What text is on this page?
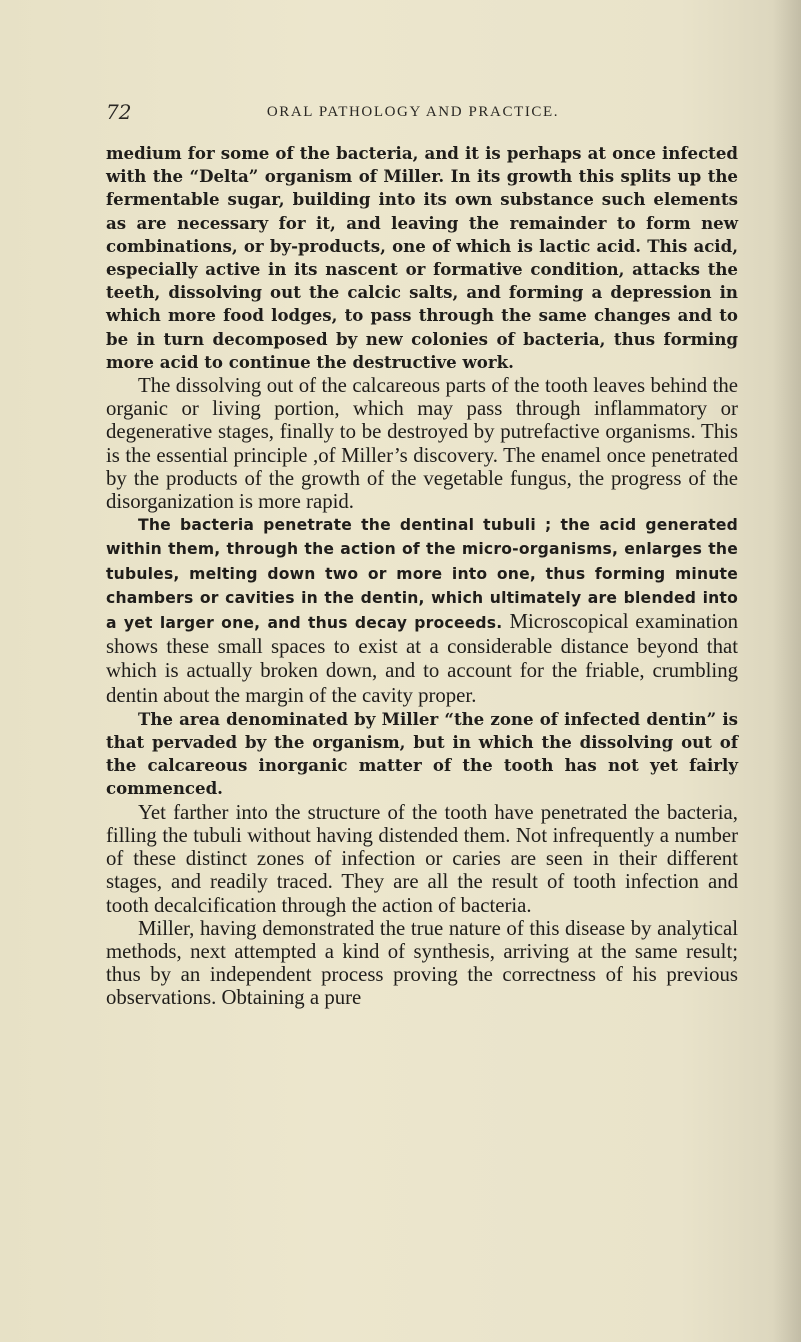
72	ORAL PATHOLOGY AND PRACTICE.

medium for some of the bacteria, and it is perhaps at once infected with the “Delta” organism of Miller. In its growth this splits up the fermentable sugar, building into its own substance such elements as are necessary for it, and leaving the remainder to form new combinations, or by-products, one of which is lactic acid. This acid, especially active in its nascent or formative condition, attacks the teeth, dissolving out the calcic salts, and forming a depression in which more food lodges, to pass through the same changes and to be in turn decomposed by new colonies of bacteria, thus forming more acid to continue the destructive work.

The dissolving out of the calcareous parts of the tooth leaves behind the organic or living portion, which may pass through inflammatory or degenerative stages, finally to be destroyed by putrefactive organisms. This is the essential principle ,of Miller’s discovery. The enamel once penetrated by the products of the growth of the vegetable fungus, the progress of the disorganization is more rapid.

The bacteria penetrate the dentinal tubuli ; the acid generated within them, through the action of the micro-organisms, enlarges the tubules, melting down two or more into one, thus forming minute chambers or cavities in the dentin, which ultimately are blended into a yet larger one, and thus decay proceeds. Microscopical examination shows these small spaces to exist at a considerable distance beyond that which is actually broken down, and to account for the friable, crumbling dentin about the margin of the cavity proper.

The area denominated by Miller “the zone of infected dentin” is that pervaded by the organism, but in which the dissolving out of the calcareous inorganic matter of the tooth has not yet fairly commenced.

Yet farther into the structure of the tooth have penetrated the bacteria, filling the tubuli without having distended them. Not infrequently a number of these distinct zones of infection or caries are seen in their different stages, and readily traced. They are all the result of tooth infection and tooth decalcification through the action of bacteria.

Miller, having demonstrated the true nature of this disease by analytical methods, next attempted a kind of synthesis, arriving at the same result; thus by an independent process proving the correctness of his previous observations. Obtaining a pure
